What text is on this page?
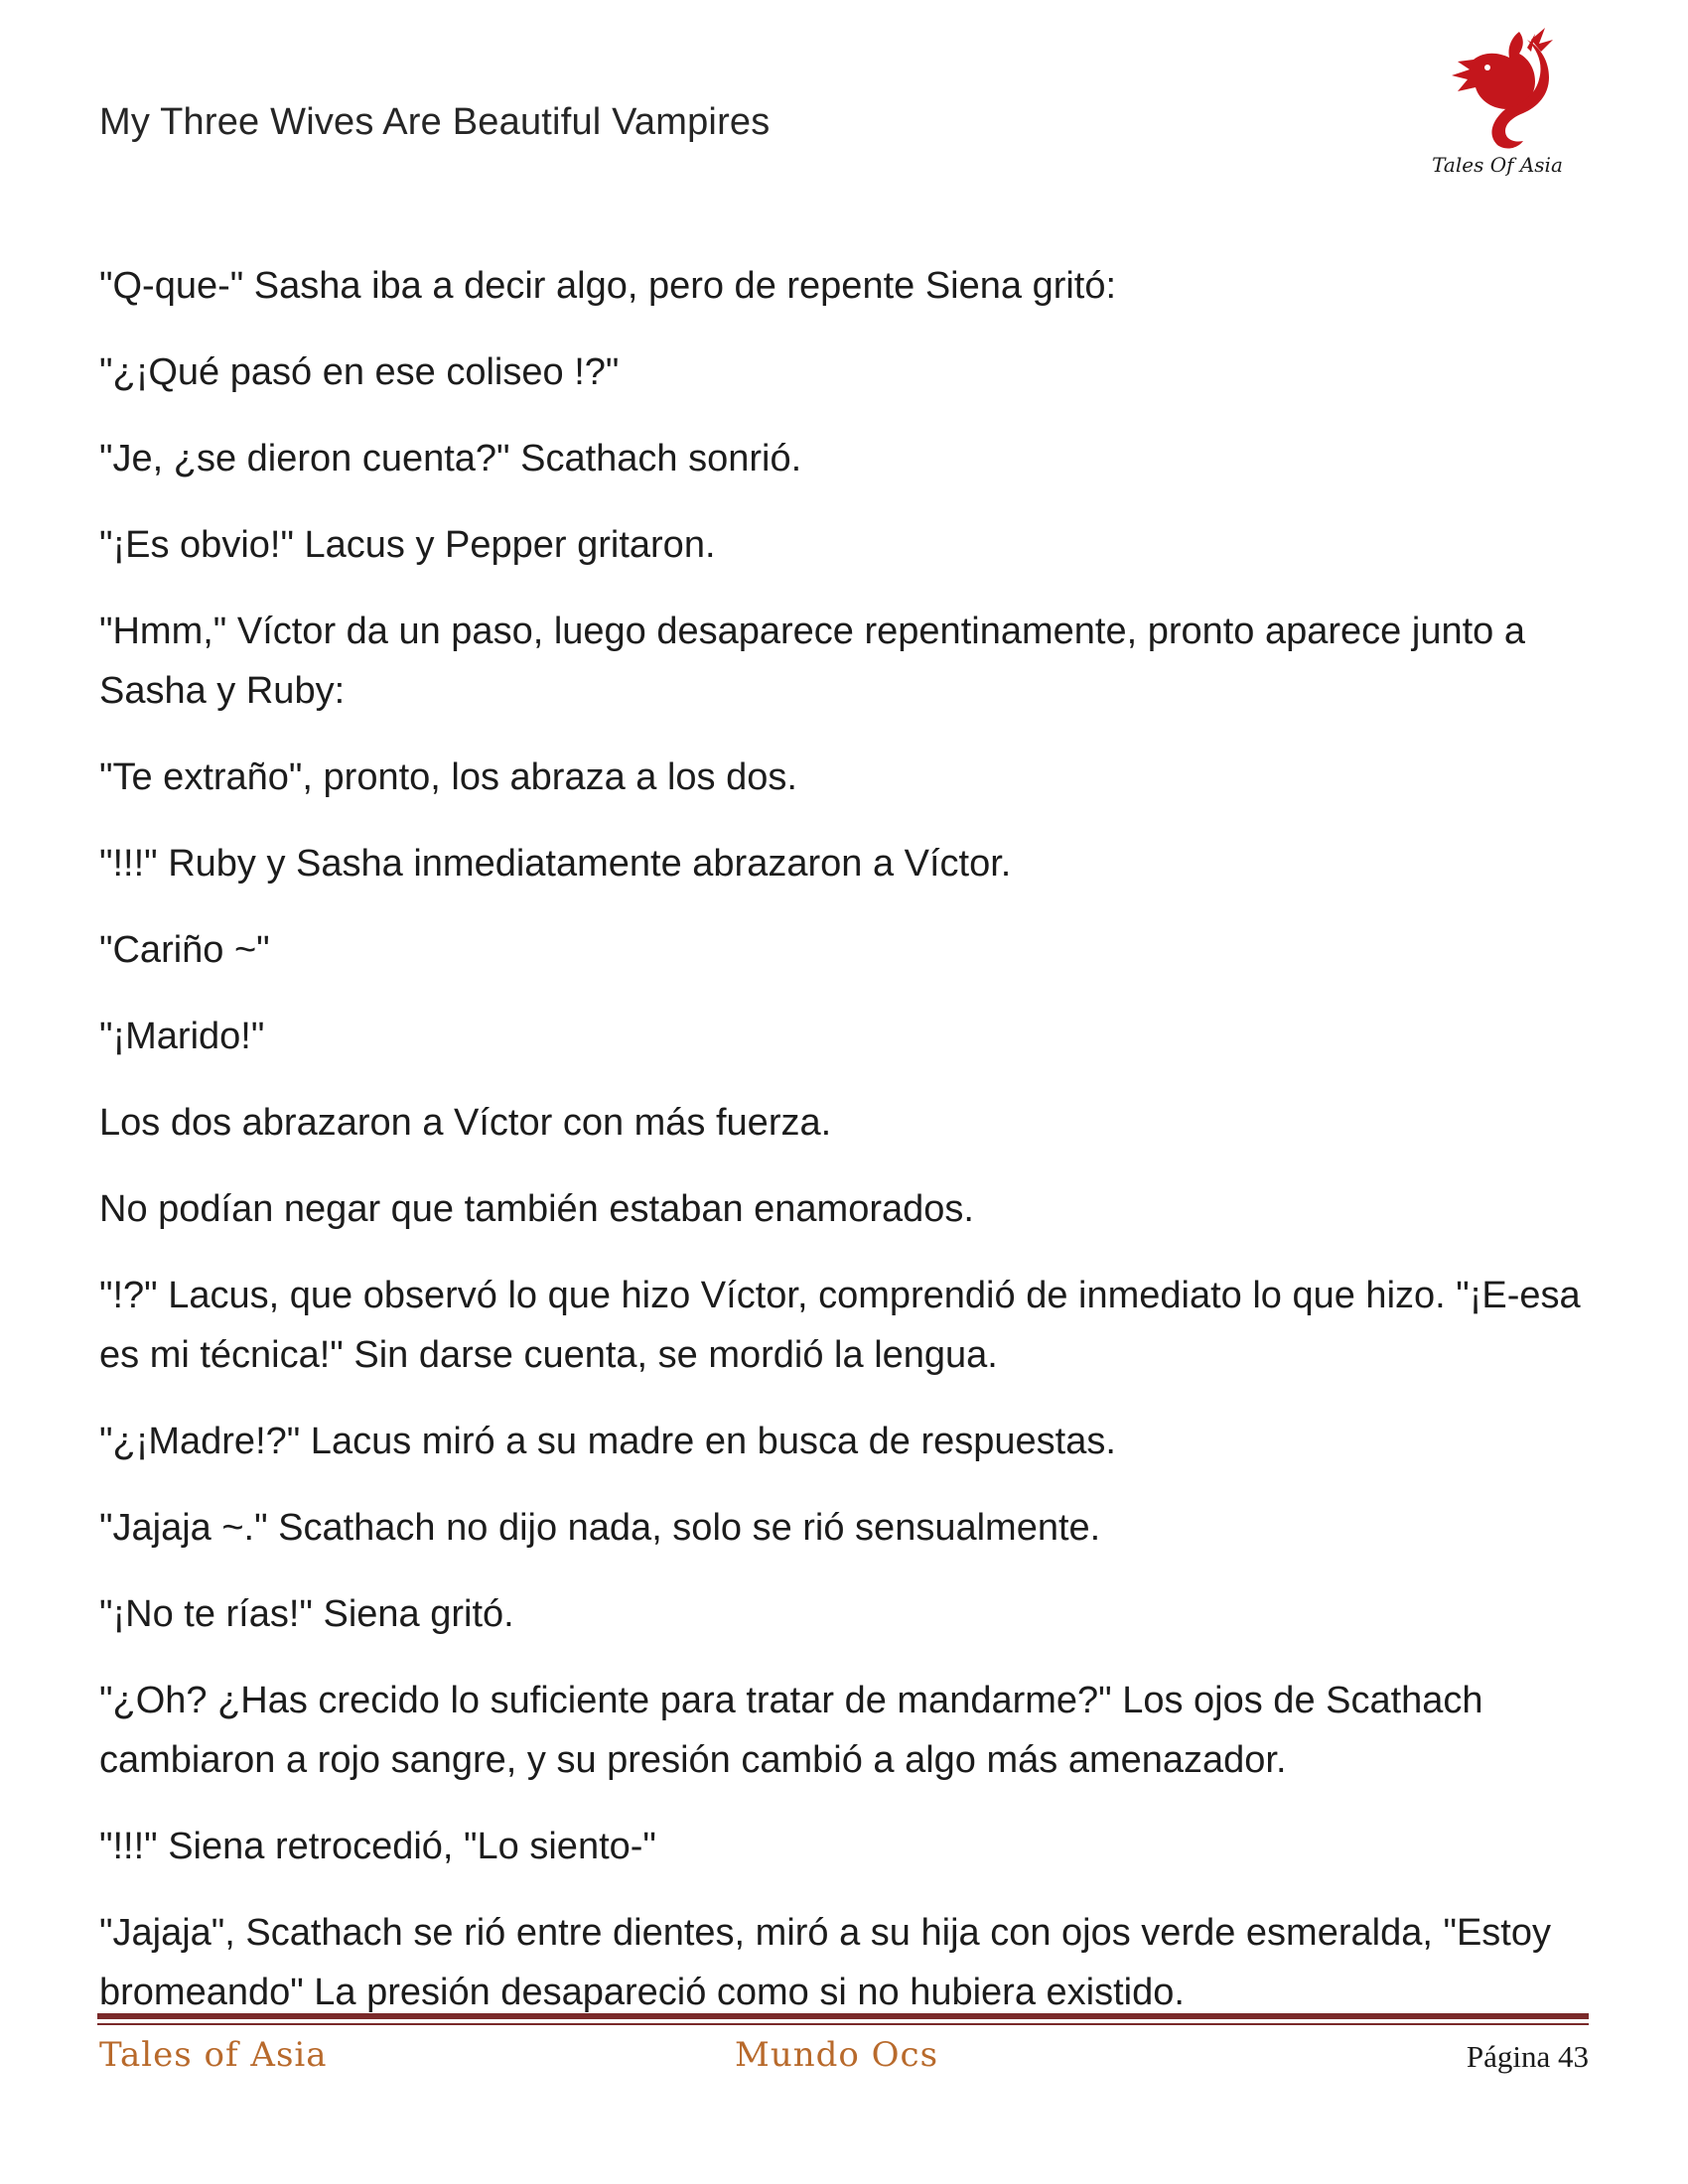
My Three Wives Are Beautiful Vampires
Tales Of Asia

"Q-que-" Sasha iba a decir algo, pero de repente Siena gritó:

"¿¡Qué pasó en ese coliseo !?"

"Je, ¿se dieron cuenta?" Scathach sonrió.

"¡Es obvio!" Lacus y Pepper gritaron.

"Hmm," Víctor da un paso, luego desaparece repentinamente, pronto aparece junto a Sasha y Ruby:

"Te extraño", pronto, los abraza a los dos.

"!!!" Ruby y Sasha inmediatamente abrazaron a Víctor.

"Cariño ~"

"¡Marido!"

Los dos abrazaron a Víctor con más fuerza.

No podían negar que también estaban enamorados.

"!?" Lacus, que observó lo que hizo Víctor, comprendió de inmediato lo que hizo. "¡E-esa es mi técnica!" Sin darse cuenta, se mordió la lengua.

"¿¡Madre!?" Lacus miró a su madre en busca de respuestas.

"Jajaja ~." Scathach no dijo nada, solo se rió sensualmente.

"¡No te rías!" Siena gritó.

"¿Oh? ¿Has crecido lo suficiente para tratar de mandarme?" Los ojos de Scathach cambiaron a rojo sangre, y su presión cambió a algo más amenazador.

"!!!" Siena retrocedió, "Lo siento-"

"Jajaja", Scathach se rió entre dientes, miró a su hija con ojos verde esmeralda, "Estoy bromeando" La presión desapareció como si no hubiera existido.

Tales of Asia	Mundo Ocs	Página 43
